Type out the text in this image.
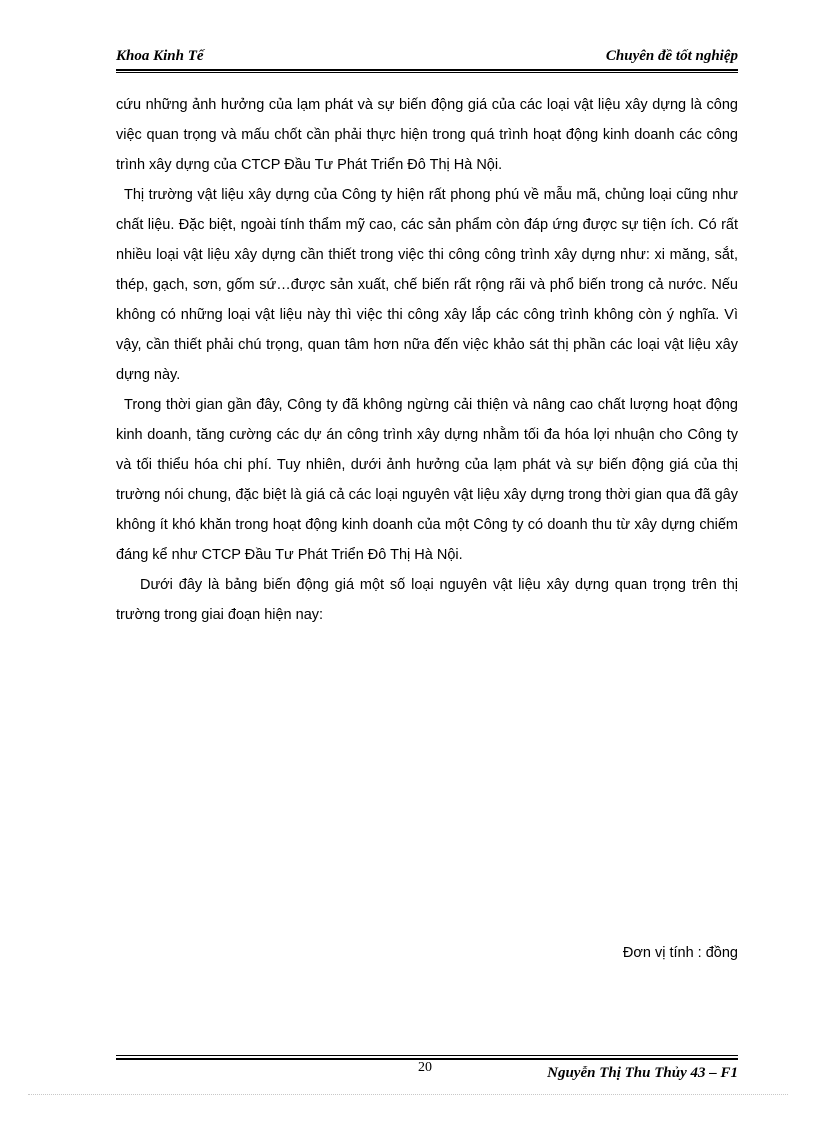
Khoa Kinh Tế	Chuyên đề tốt nghiệp

cứu những ảnh hưởng của lạm phát và sự biến động giá của các loại vật liệu xây dựng là công việc quan trọng và mấu chốt cần phải thực hiện trong quá trình hoạt động kinh doanh các công trình xây dựng của CTCP Đầu Tư Phát Triển Đô Thị Hà Nội.

Thị trường vật liệu xây dựng của Công ty hiện rất phong phú về mẫu mã, chủng loại cũng như chất liệu. Đặc biệt, ngoài tính thẩm mỹ cao, các sản phẩm còn đáp ứng được sự tiện ích. Có rất nhiều loại vật liệu xây dựng cần thiết trong việc thi công công trình xây dựng như: xi măng, sắt, thép, gạch, sơn, gốm sứ…được sản xuất, chế biến rất rộng rãi và phổ biến trong cả nước. Nếu không có những loại vật liệu này thì việc thi công xây lắp các công trình không còn ý nghĩa. Vì vậy, cần thiết phải chú trọng, quan tâm hơn nữa đến việc khảo sát thị phần các loại vật liệu xây dựng này.

Trong thời gian gần đây, Công ty đã không ngừng cải thiện và nâng cao chất lượng hoạt động kinh doanh, tăng cường các dự án công trình xây dựng nhằm tối đa hóa lợi nhuận cho Công ty và tối thiểu hóa chi phí. Tuy nhiên, dưới ảnh hưởng của lạm phát và sự biến động giá của thị trường nói chung, đặc biệt là giá cả các loại nguyên vật liệu xây dựng trong thời gian qua đã gây không ít khó khăn trong hoạt động kinh doanh của một Công ty có doanh thu từ xây dựng chiếm đáng kể như CTCP Đầu Tư Phát Triển Đô Thị Hà Nội.

Dưới đây là bảng biến động giá một số loại nguyên vật liệu xây dựng quan trọng trên thị trường trong giai đoạn hiện nay:

Đơn vị tính : đồng
20	Nguyễn Thị Thu Thủy 43 – F1
